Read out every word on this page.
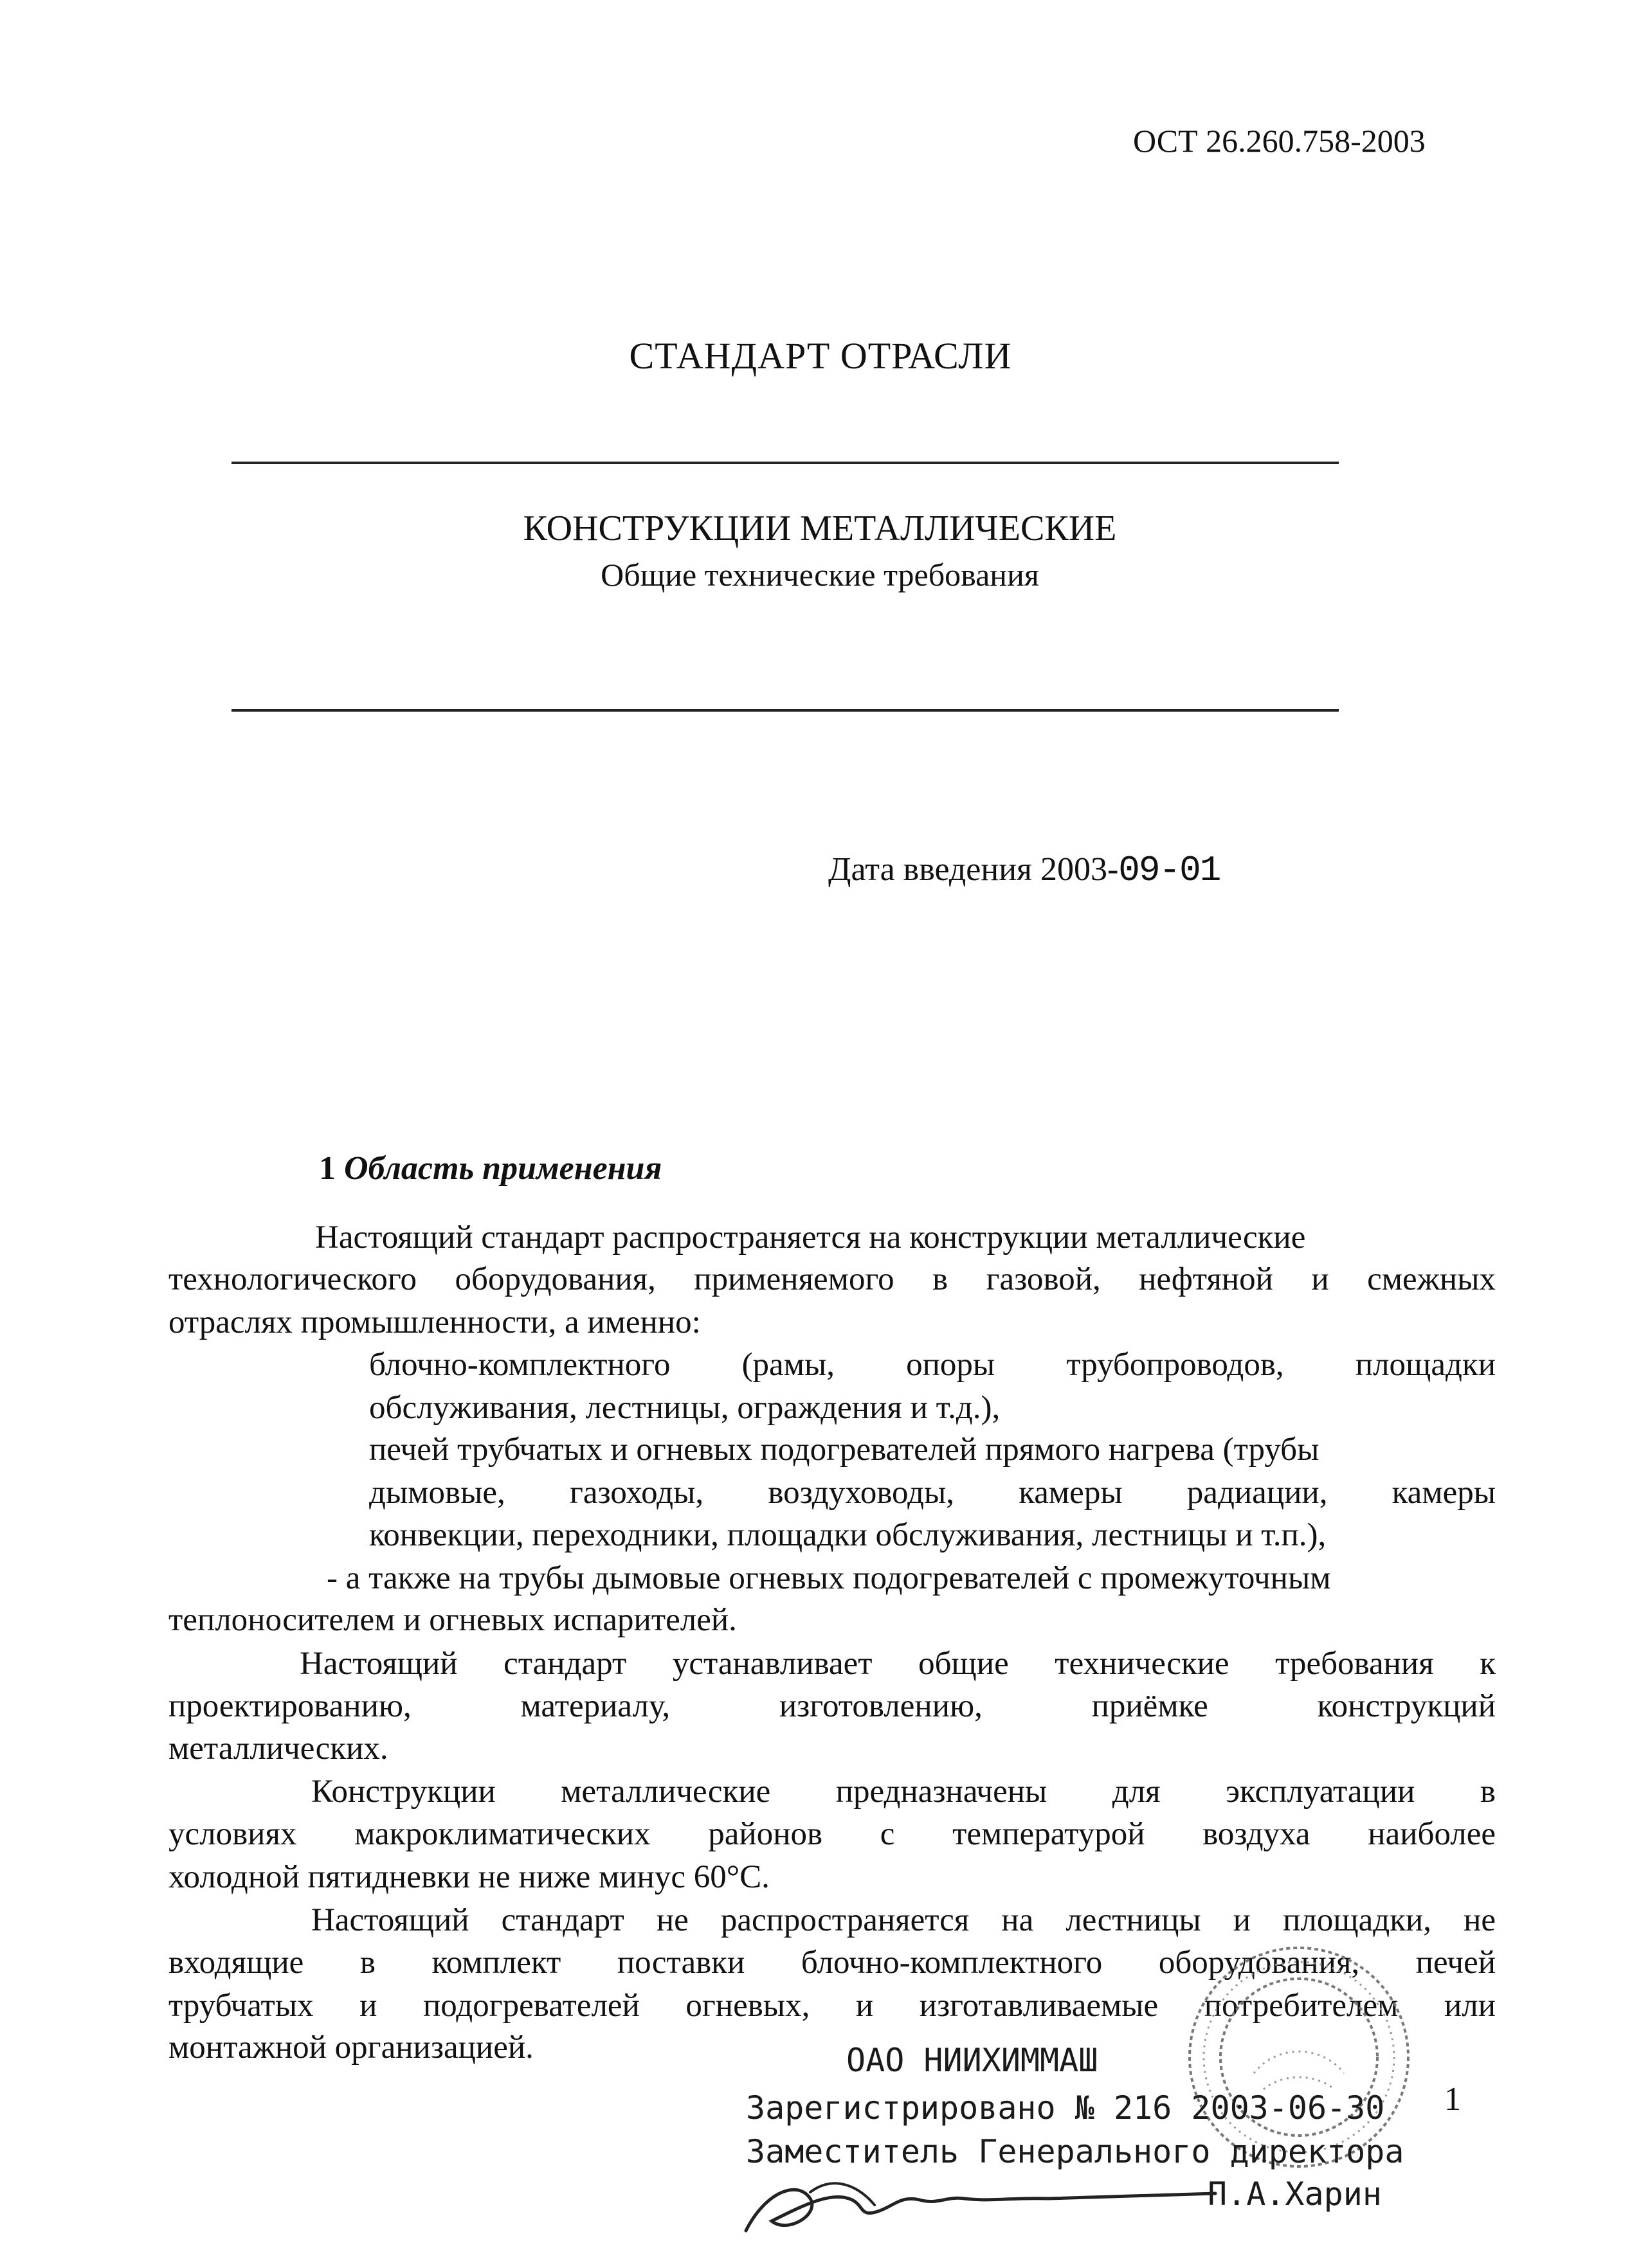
ОСТ 26.260.758-2003
СТАНДАРТ ОТРАСЛИ
КОНСТРУКЦИИ МЕТАЛЛИЧЕСКИЕ
Общие технические требования
Дата введения 2003-09-01
1 Область применения
Настоящий стандарт распространяется на конструкции металлические
технологического оборудования, применяемого в газовой, нефтяной и смежных
отраслях промышленности, а именно:
блочно-комплектного (рамы, опоры трубопроводов, площадки
обслуживания, лестницы, ограждения и т.д.),
печей трубчатых и огневых подогревателей прямого нагрева (трубы
дымовые, газоходы, воздуховоды, камеры радиации, камеры
конвекции, переходники, площадки обслуживания, лестницы и т.п.),
- а также на трубы дымовые огневых подогревателей с промежуточным
теплоносителем и огневых испарителей.
Настоящий стандарт устанавливает общие технические требования к
проектированию, материалу, изготовлению, приёмке конструкций
металлических.
Конструкции металлические предназначены для эксплуатации в
условиях макроклиматических районов с температурой воздуха наиболее
холодной пятидневки не ниже минус 60°С.
Настоящий стандарт не распространяется на лестницы и площадки, не
входящие в комплект поставки блочно-комплектного оборудования, печей
трубчатых и подогревателей огневых, и изготавливаемые потребителем или
монтажной организацией.	ОАО НИИХИММАШ
Зарегистрировано № 216 2003-06-30
Заместитель Генерального директора
П.А.Харин
1
